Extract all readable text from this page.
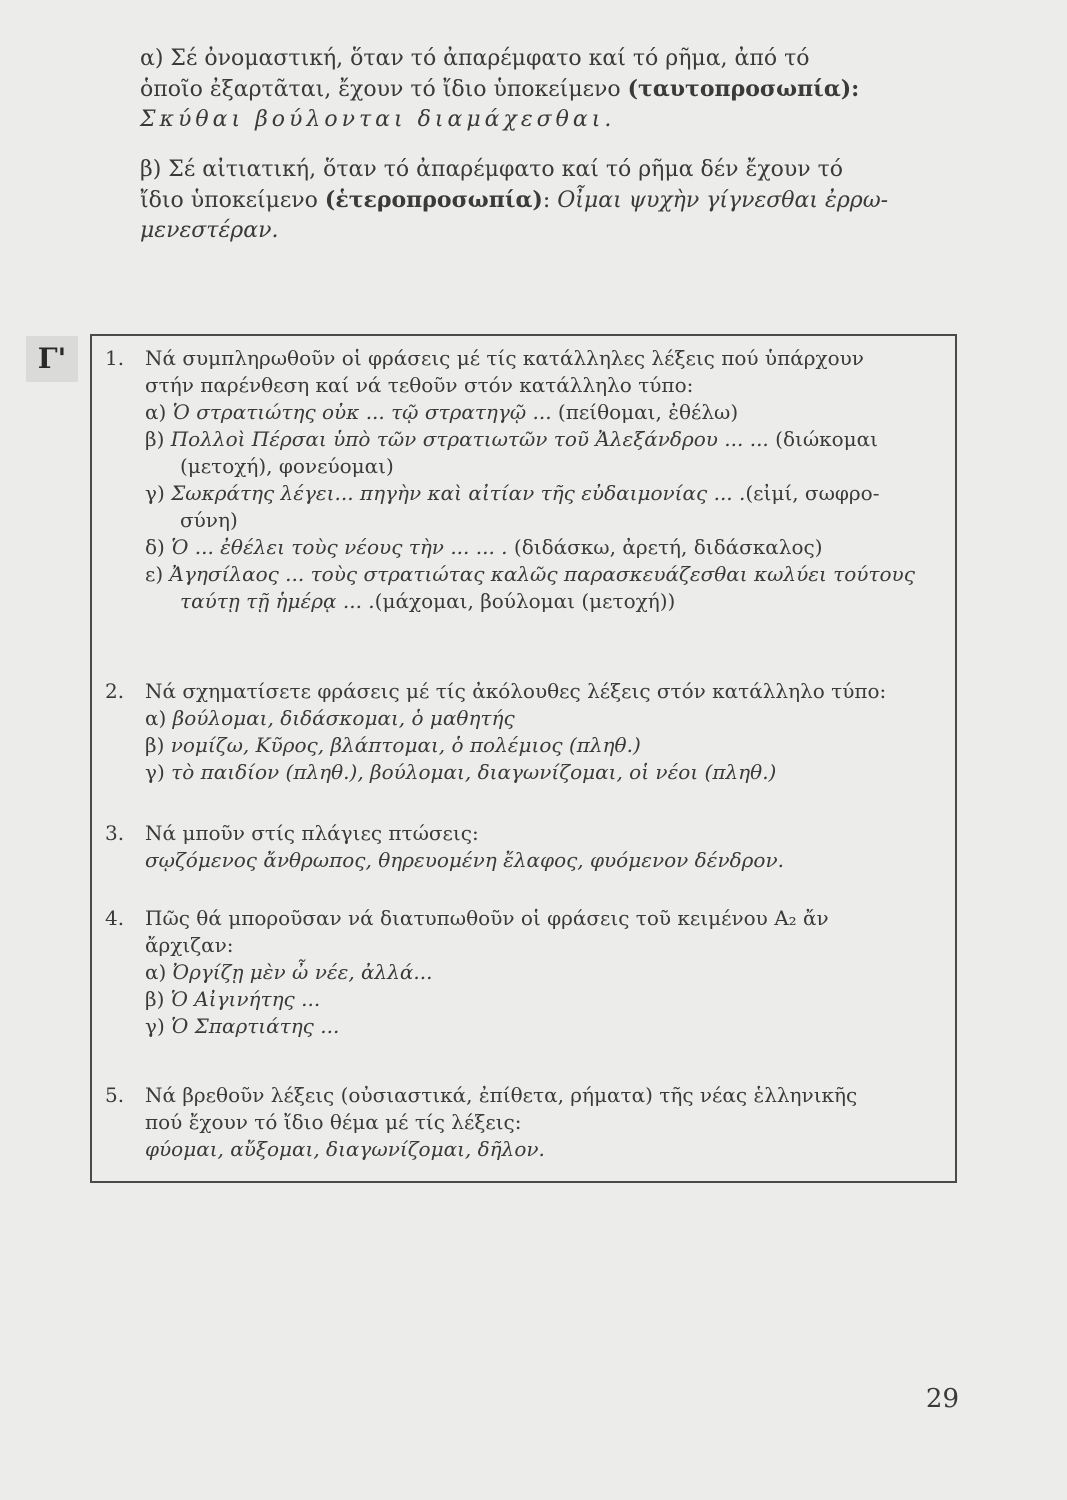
α) Σέ ὀνομαστική, ὅταν τό ἀπαρέμφατο καί τό ρῆμα, ἀπό τό
ὁποῖο ἐξαρτᾶται, ἔχουν τό ἴδιο ὑποκείμενο (ταυτοπροσωπία):
Σκύθαι βούλονται διαμάχεσθαι.
β) Σέ αἰτιατική, ὅταν τό ἀπαρέμφατο καί τό ρῆμα δέν ἔχουν τό
ἴδιο ὑποκείμενο (ἑτεροπροσωπία): Οἶμαι ψυχὴν γίγνεσθαι ἐρρω-
μενεστέραν.
Γ'	1. Νά συμπληρωθοῦν οἱ φράσεις μέ τίς κατάλληλες λέξεις πού ὑπάρχουν
στήν παρένθεση καί νά τεθοῦν στόν κατάλληλο τύπο:
α) Ὁ στρατιώτης οὐκ ... τῷ στρατηγῷ ... (πείθομαι, ἐθέλω)
β) Πολλοὶ Πέρσαι ὑπὸ τῶν στρατιωτῶν τοῦ Ἀλεξάνδρου ... ... (διώκομαι
(μετοχή), φονεύομαι)
γ) Σωκράτης λέγει... πηγὴν καὶ αἰτίαν τῆς εὐδαιμονίας ... .(εἰμί, σωφρο-
σύνη)
δ) Ὁ ... ἐθέλει τοὺς νέους τὴν ... ... . (διδάσκω, ἀρετή, διδάσκαλος)
ε) Ἀγησίλαος ... τοὺς στρατιώτας καλῶς παρασκευάζεσθαι κωλύει τούτους
ταύτῃ τῇ ἡμέρᾳ ... .(μάχομαι, βούλομαι (μετοχή))
2. Νά σχηματίσετε φράσεις μέ τίς ἀκόλουθες λέξεις στόν κατάλληλο τύπο:
α) βούλομαι, διδάσκομαι, ὁ μαθητής
β) νομίζω, Κῦρος, βλάπτομαι, ὁ πολέμιος (πληθ.)
γ) τὸ παιδίον (πληθ.), βούλομαι, διαγωνίζομαι, οἱ νέοι (πληθ.)
3. Νά μποῦν στίς πλάγιες πτώσεις:
σῳζόμενος ἄνθρωπος, θηρευομένη ἔλαφος, φυόμενον δένδρον.
4. Πῶς θά μποροῦσαν νά διατυπωθοῦν οἱ φράσεις τοῦ κειμένου A₂ ἄν
ἄρχιζαν:
α) Ὀργίζῃ μὲν ὦ νέε, ἀλλά...
β) Ὁ Αἰγινήτης ...
γ) Ὁ Σπαρτιάτης ...
5. Νά βρεθοῦν λέξεις (οὐσιαστικά, ἐπίθετα, ρήματα) τῆς νέας ἑλληνικῆς
πού ἔχουν τό ἴδιο θέμα μέ τίς λέξεις:
φύομαι, αὔξομαι, διαγωνίζομαι, δῆλον.
29
